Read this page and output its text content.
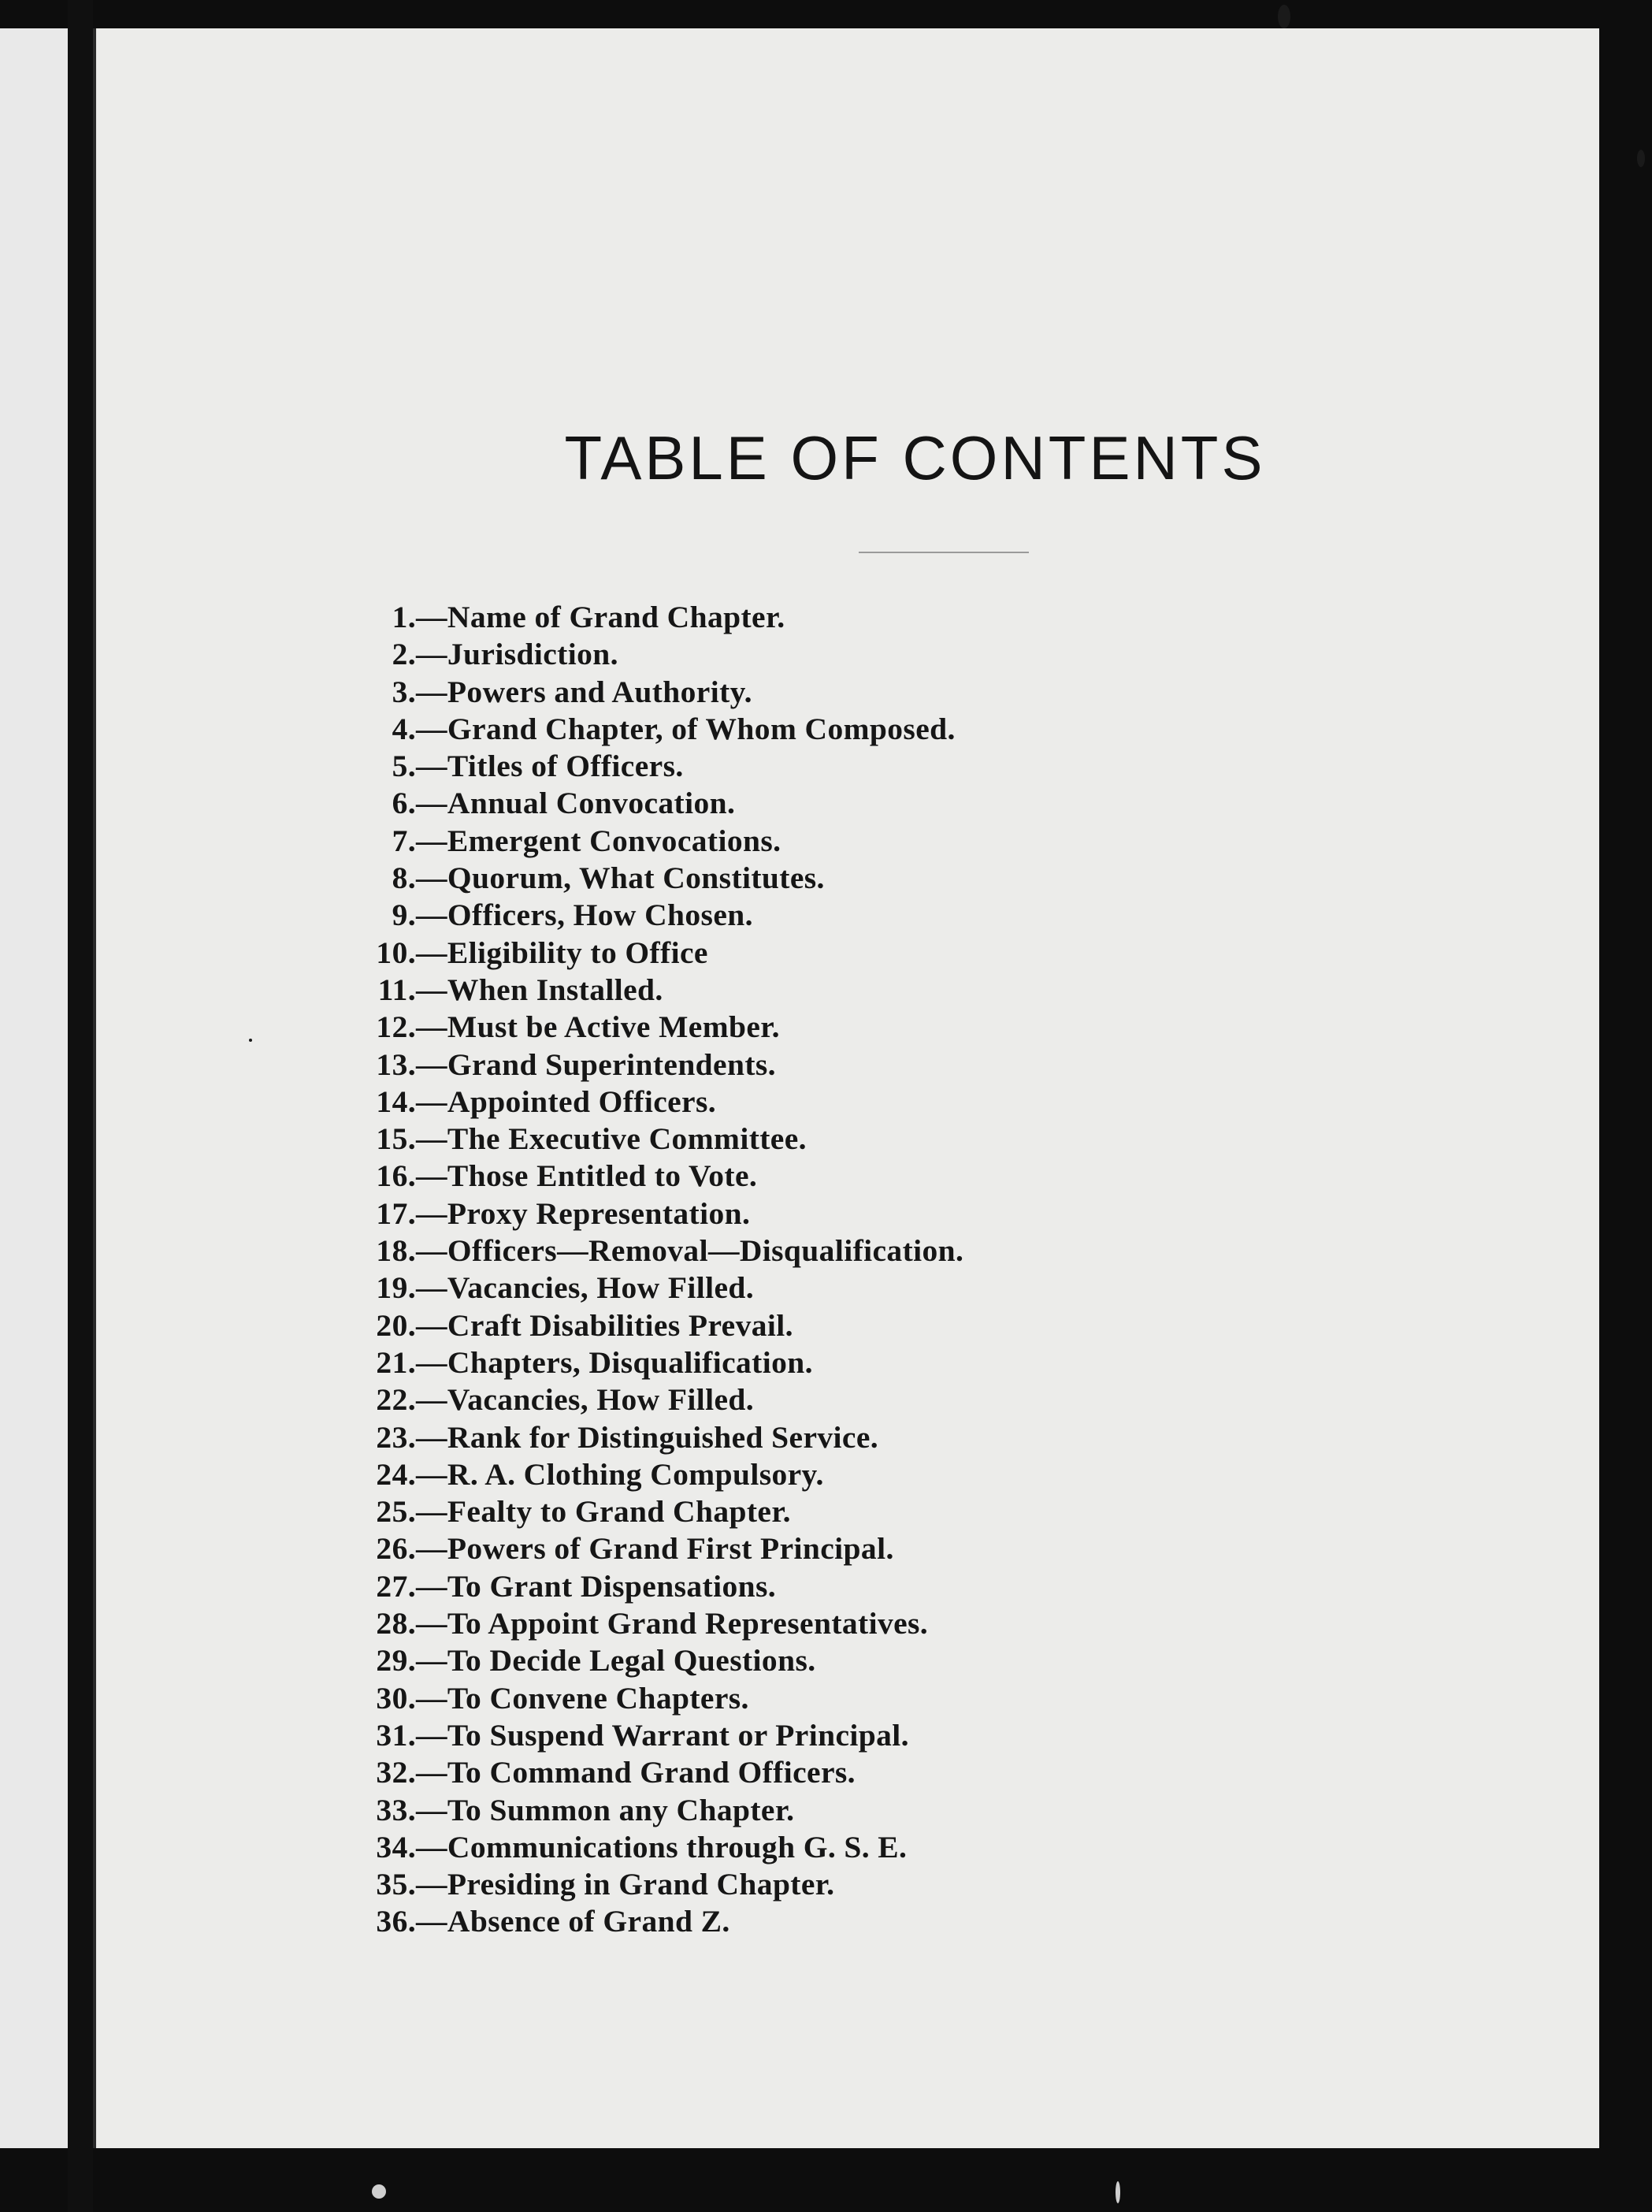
TABLE OF CONTENTS
1.—Name of Grand Chapter.
2.—Jurisdiction.
3.—Powers and Authority.
4.—Grand Chapter, of Whom Composed.
5.—Titles of Officers.
6.—Annual Convocation.
7.—Emergent Convocations.
8.—Quorum, What Constitutes.
9.—Officers, How Chosen.
10.—Eligibility to Office
11.—When Installed.
12.—Must be Active Member.
13.—Grand Superintendents.
14.—Appointed Officers.
15.—The Executive Committee.
16.—Those Entitled to Vote.
17.—Proxy Representation.
18.—Officers—Removal—Disqualification.
19.—Vacancies, How Filled.
20.—Craft Disabilities Prevail.
21.—Chapters, Disqualification.
22.—Vacancies, How Filled.
23.—Rank for Distinguished Service.
24.—R. A. Clothing Compulsory.
25.—Fealty to Grand Chapter.
26.—Powers of Grand First Principal.
27.—To Grant Dispensations.
28.—To Appoint Grand Representatives.
29.—To Decide Legal Questions.
30.—To Convene Chapters.
31.—To Suspend Warrant or Principal.
32.—To Command Grand Officers.
33.—To Summon any Chapter.
34.—Communications through G. S. E.
35.—Presiding in Grand Chapter.
36.—Absence of Grand Z.
